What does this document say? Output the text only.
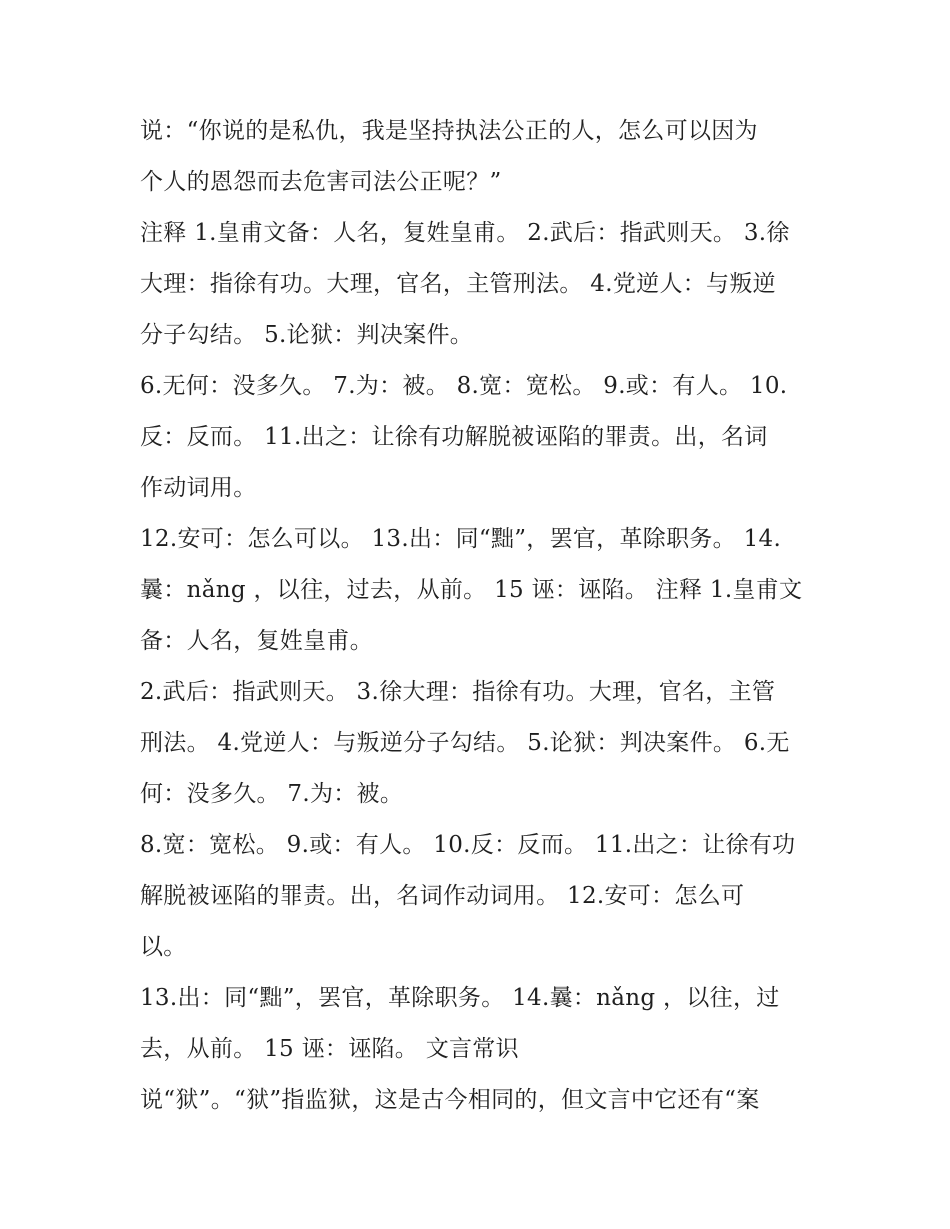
说：“你说的是私仇，我是坚持执法公正的人，怎么可以因为
个人的恩怨而去危害司法公正呢？”
注释 1.皇甫文备：人名，复姓皇甫。 2.武后：指武则天。 3.徐
大理：指徐有功。大理，官名，主管刑法。 4.党逆人：与叛逆
分子勾结。 5.论狱：判决案件。
6.无何：没多久。 7.为：被。 8.宽：宽松。 9.或：有人。 10.
反：反而。 11.出之：让徐有功解脱被诬陷的罪责。出，名词
作动词用。
12.安可：怎么可以。 13.出：同“黜”，罢官，革除职务。 14.
曩：nǎng ，以往，过去，从前。 15 诬：诬陷。 注释 1.皇甫文
备：人名，复姓皇甫。
2.武后：指武则天。 3.徐大理：指徐有功。大理，官名，主管
刑法。 4.党逆人：与叛逆分子勾结。 5.论狱：判决案件。 6.无
何：没多久。 7.为：被。
8.宽：宽松。 9.或：有人。 10.反：反而。 11.出之：让徐有功
解脱被诬陷的罪责。出，名词作动词用。 12.安可：怎么可
以。
13.出：同“黜”，罢官，革除职务。 14.曩：nǎng ，以往，过
去，从前。 15 诬：诬陷。 文言常识
说“狱”。“狱”指监狱，这是古今相同的，但文言中它还有“案
